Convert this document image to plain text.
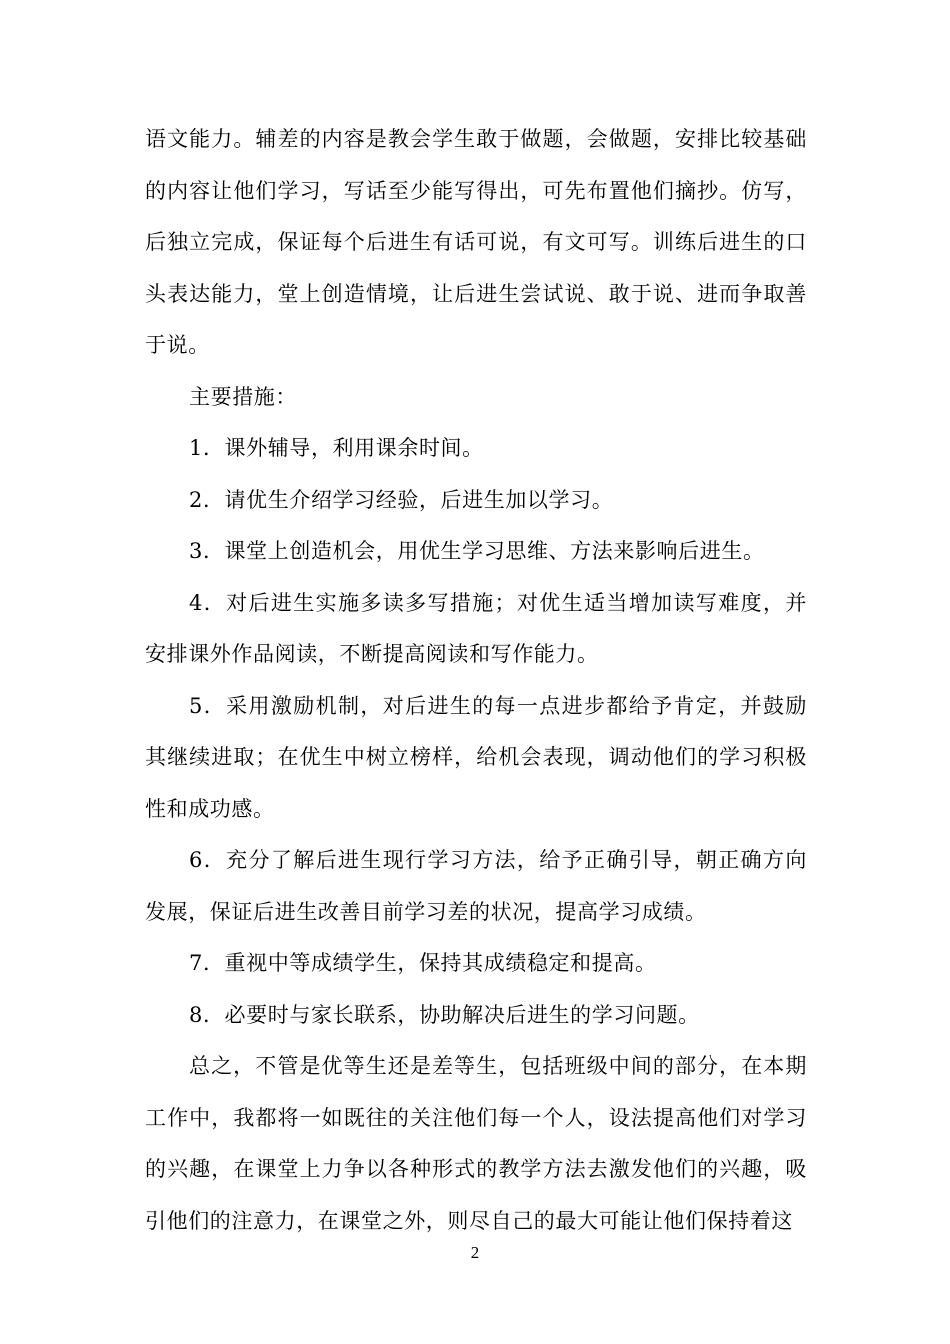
语文能力。辅差的内容是教会学生敢于做题，会做题，安排比较基础的内容让他们学习，写话至少能写得出，可先布置他们摘抄。仿写，后独立完成，保证每个后进生有话可说，有文可写。训练后进生的口头表达能力，堂上创造情境，让后进生尝试说、敢于说、进而争取善于说。

主要措施：

1．课外辅导，利用课余时间。

2．请优生介绍学习经验，后进生加以学习。

3．课堂上创造机会，用优生学习思维、方法来影响后进生。

4．对后进生实施多读多写措施；对优生适当增加读写难度，并安排课外作品阅读，不断提高阅读和写作能力。

5．采用激励机制，对后进生的每一点进步都给予肯定，并鼓励其继续进取；在优生中树立榜样，给机会表现，调动他们的学习积极性和成功感。

6．充分了解后进生现行学习方法，给予正确引导，朝正确方向发展，保证后进生改善目前学习差的状况，提高学习成绩。

7．重视中等成绩学生，保持其成绩稳定和提高。

8．必要时与家长联系，协助解决后进生的学习问题。

总之，不管是优等生还是差等生，包括班级中间的部分，在本期工作中，我都将一如既往的关注他们每一个人，设法提高他们对学习的兴趣，在课堂上力争以各种形式的教学方法去激发他们的兴趣，吸引他们的注意力，在课堂之外，则尽自己的最大可能让他们保持着这

2
